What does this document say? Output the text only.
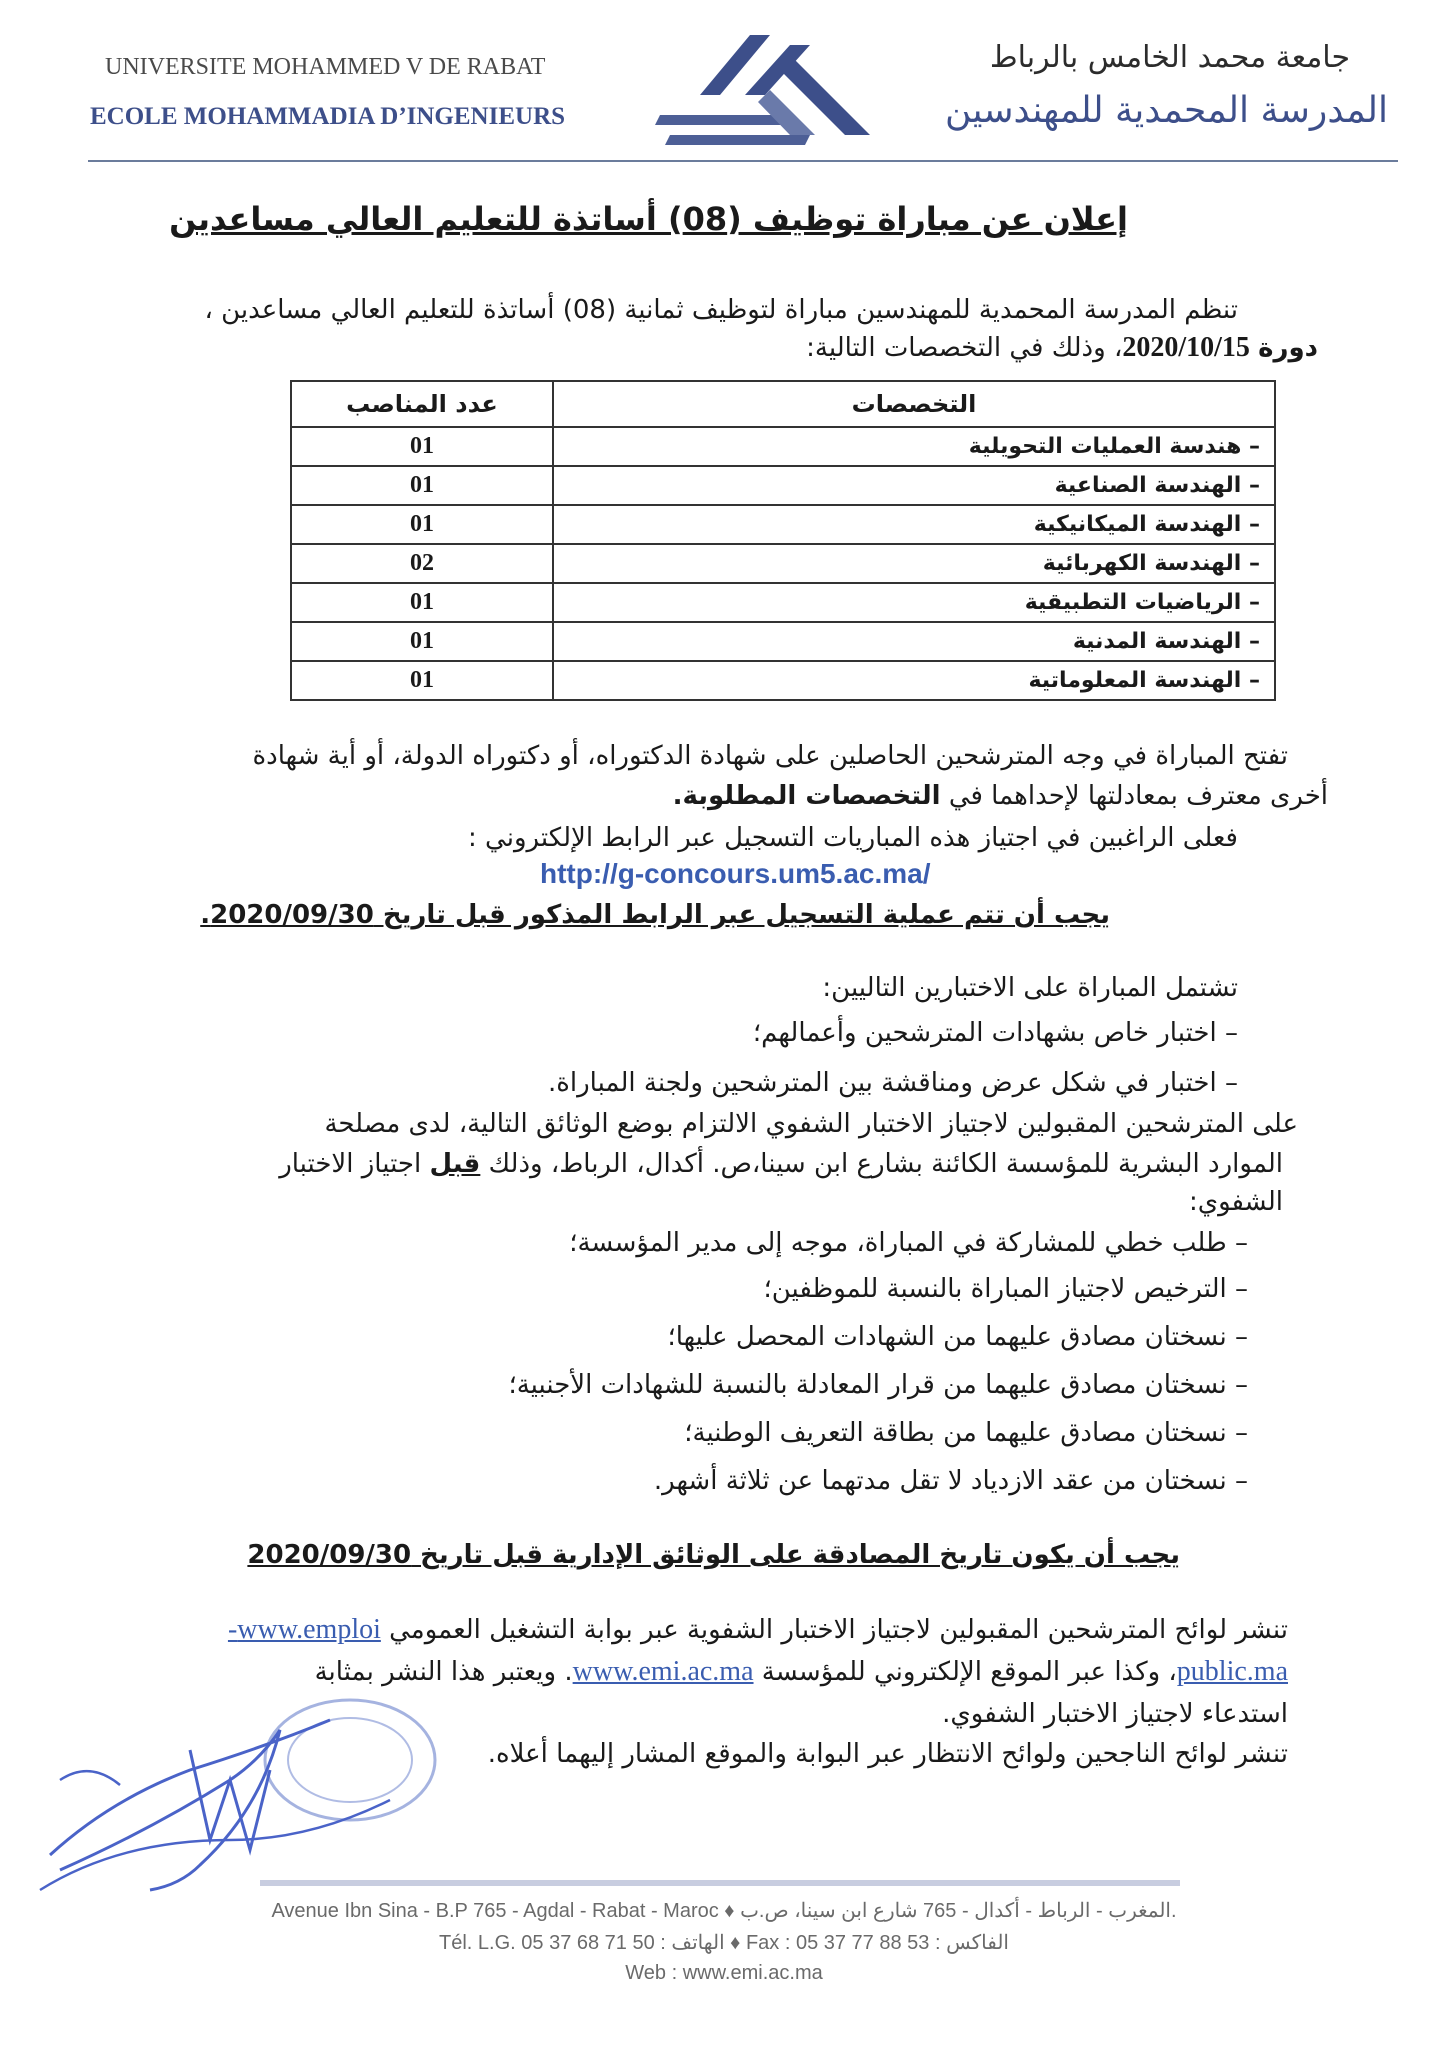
UNIVERSITE MOHAMMED V DE RABAT
ECOLE MOHAMMADIA D’INGENIEURS
جامعة محمد الخامس بالرباط
المدرسة المحمدية للمهندسين
إعلان عن مباراة توظيف (08) أساتذة للتعليم العالي مساعدين
تنظم المدرسة المحمدية للمهندسين مباراة لتوظيف ثمانية (08) أساتذة للتعليم العالي مساعدين ،
دورة 2020/10/15، وذلك في التخصصات التالية:
التخصصات	عدد المناصب
– هندسة العمليات التحويلية	01
– الهندسة الصناعية	01
– الهندسة الميكانيكية	01
– الهندسة الكهربائية	02
– الرياضيات التطبيقية	01
– الهندسة المدنية	01
– الهندسة المعلوماتية	01
تفتح المباراة في وجه المترشحين الحاصلين على شهادة الدكتوراه، أو دكتوراه الدولة، أو أية شهادة
أخرى معترف بمعادلتها لإحداهما في التخصصات المطلوبة.
فعلى الراغبين في اجتياز هذه المباريات التسجيل عبر الرابط الإلكتروني :
http://g-concours.um5.ac.ma/
يجب أن تتم عملية التسجيل عبر الرابط المذكور قبل تاريخ 2020/09/30.
تشتمل المباراة على الاختبارين التاليين:
– اختبار خاص بشهادات المترشحين وأعمالهم؛
– اختبار في شكل عرض ومناقشة بين المترشحين ولجنة المباراة.
على المترشحين المقبولين لاجتياز الاختبار الشفوي الالتزام بوضع الوثائق التالية، لدى مصلحة
الموارد البشرية للمؤسسة الكائنة بشارع ابن سينا،ص. أكدال، الرباط، وذلك قبل اجتياز الاختبار
الشفوي:
– طلب خطي للمشاركة في المباراة، موجه إلى مدير المؤسسة؛
– الترخيص لاجتياز المباراة بالنسبة للموظفين؛
– نسختان مصادق عليهما من الشهادات المحصل عليها؛
– نسختان مصادق عليهما من قرار المعادلة بالنسبة للشهادات الأجنبية؛
– نسختان مصادق عليهما من بطاقة التعريف الوطنية؛
– نسختان من عقد الازدياد لا تقل مدتهما عن ثلاثة أشهر.
يجب أن يكون تاريخ المصادقة على الوثائق الإدارية قبل تاريخ 2020/09/30
تنشر لوائح المترشحين المقبولين لاجتياز الاختبار الشفوية عبر بوابة التشغيل العمومي www.emploi-
public.ma، وكذا عبر الموقع الإلكتروني للمؤسسة www.emi.ac.ma. ويعتبر هذا النشر بمثابة
استدعاء لاجتياز الاختبار الشفوي.
تنشر لوائح الناجحين ولوائح الانتظار عبر البوابة والموقع المشار إليهما أعلاه.
Avenue Ibn Sina - B.P 765 - Agdal - Rabat - Maroc ♦ المغرب - الرباط - أكدال - 765 شارع ابن سينا، ص.ب.
Tél. L.G. 05 37 68 71 50 : الهاتف ♦ Fax : 05 37 77 88 53 : الفاكس
Web : www.emi.ac.ma
